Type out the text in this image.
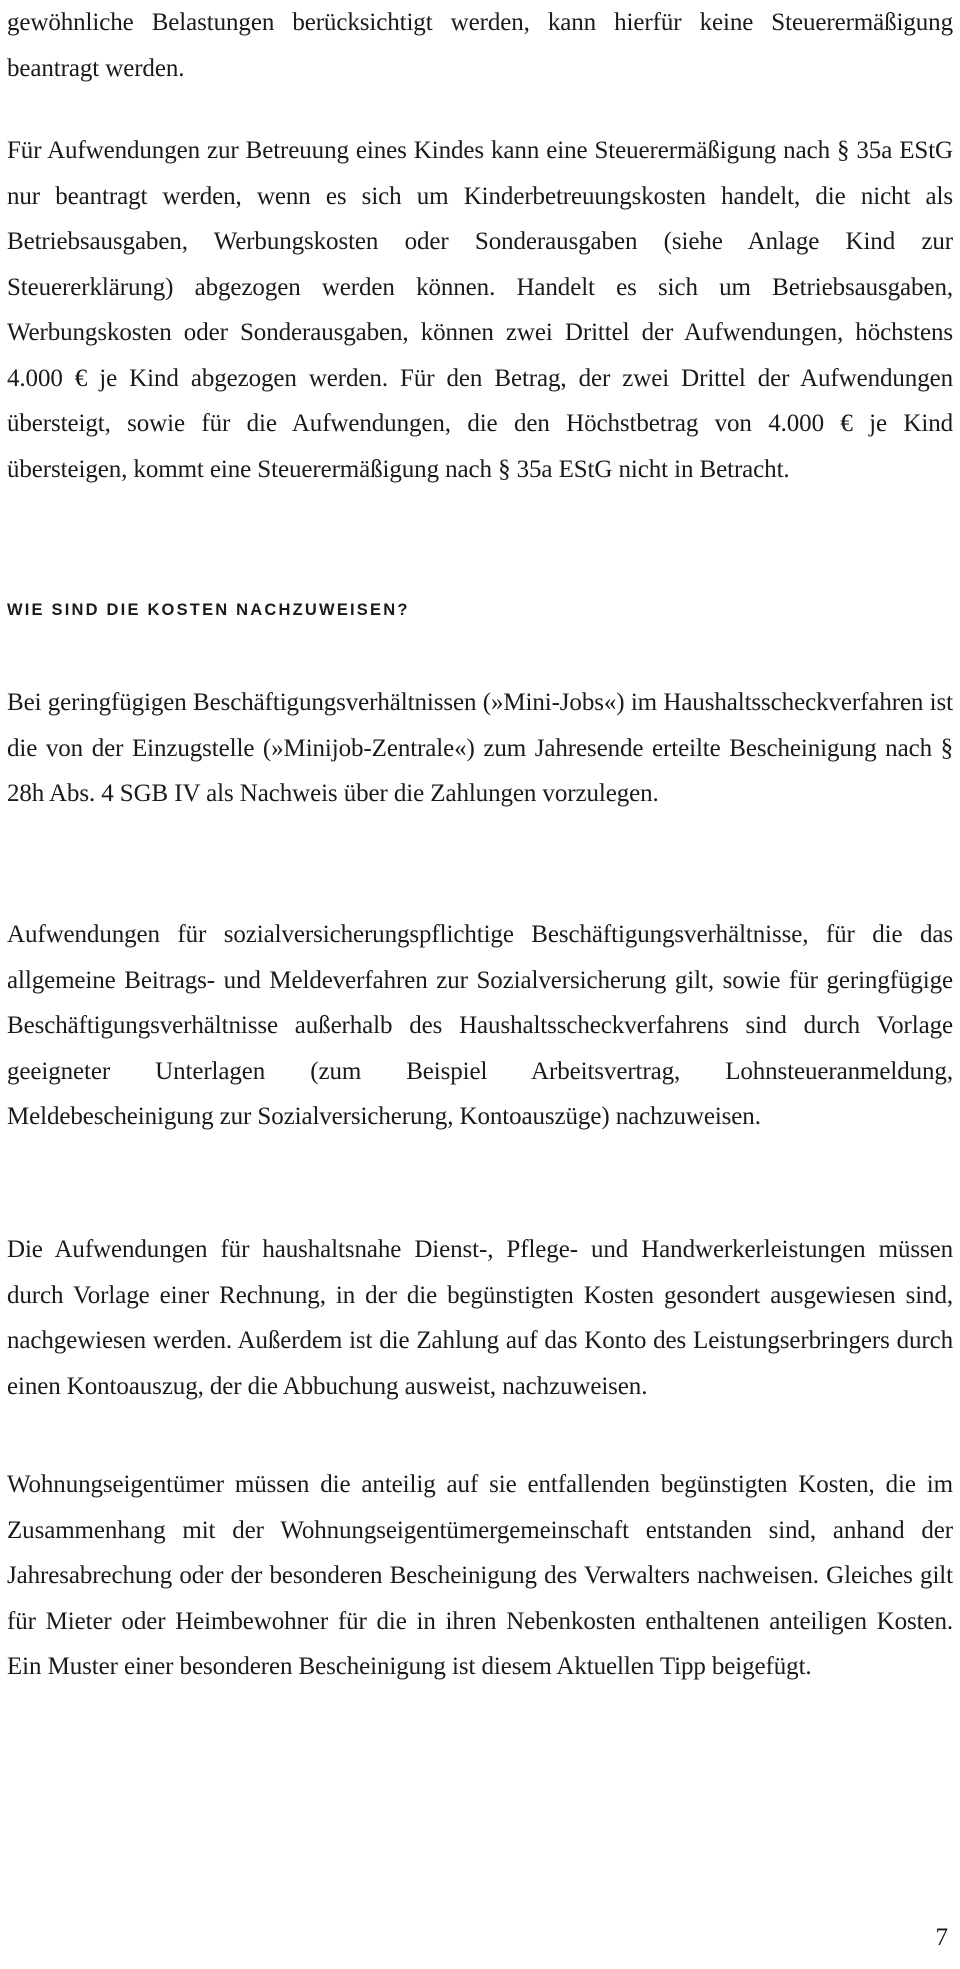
gewöhnliche Belastungen berücksichtigt werden, kann hierfür keine Steuerermäßigung beantragt werden.

Für Aufwendungen zur Betreuung eines Kindes kann eine Steuerermäßigung nach § 35a EStG nur beantragt werden, wenn es sich um Kinderbetreuungskosten handelt, die nicht als Betriebsausgaben, Werbungskosten oder Sonderausgaben (siehe Anlage Kind zur Steuererklärung) abgezogen werden können. Handelt es sich um Betriebsausgaben, Werbungskosten oder Sonderausgaben, können zwei Drittel der Aufwendungen, höchstens 4.000 € je Kind abgezogen werden. Für den Betrag, der zwei Drittel der Aufwendungen übersteigt, sowie für die Aufwendungen, die den Höchstbetrag von 4.000 € je Kind übersteigen, kommt eine Steuerermäßigung nach § 35a EStG nicht in Betracht.

WIE SIND DIE KOSTEN NACHZUWEISEN?

Bei geringfügigen Beschäftigungsverhältnissen (»Mini-Jobs«) im Haushaltsscheckverfahren ist die von der Einzugstelle (»Minijob-Zentrale«) zum Jahresende erteilte Bescheinigung nach § 28h Abs. 4 SGB IV als Nachweis über die Zahlungen vorzulegen.

Aufwendungen für sozialversicherungspflichtige Beschäftigungsverhältnisse, für die das allgemeine Beitrags- und Meldeverfahren zur Sozialversicherung gilt, sowie für geringfügige Beschäftigungsverhältnisse außerhalb des Haushaltsscheckverfahrens sind durch Vorlage geeigneter Unterlagen (zum Beispiel Arbeitsvertrag, Lohnsteueranmeldung, Meldebescheinigung zur Sozialversicherung, Kontoauszüge) nachzuweisen.

Die Aufwendungen für haushaltsnahe Dienst-, Pflege- und Handwerkerleistungen müssen durch Vorlage einer Rechnung, in der die begünstigten Kosten gesondert ausgewiesen sind, nachgewiesen werden. Außerdem ist die Zahlung auf das Konto des Leistungserbringers durch einen Kontoauszug, der die Abbuchung ausweist, nachzuweisen.

Wohnungseigentümer müssen die anteilig auf sie entfallenden begünstigten Kosten, die im Zusammenhang mit der Wohnungseigentümergemeinschaft entstanden sind, anhand der Jahresabrechung oder der besonderen Bescheinigung des Verwalters nachweisen. Gleiches gilt für Mieter oder Heimbewohner für die in ihren Nebenkosten enthaltenen anteiligen Kosten. Ein Muster einer besonderen Bescheinigung ist diesem Aktuellen Tipp beigefügt.

7
